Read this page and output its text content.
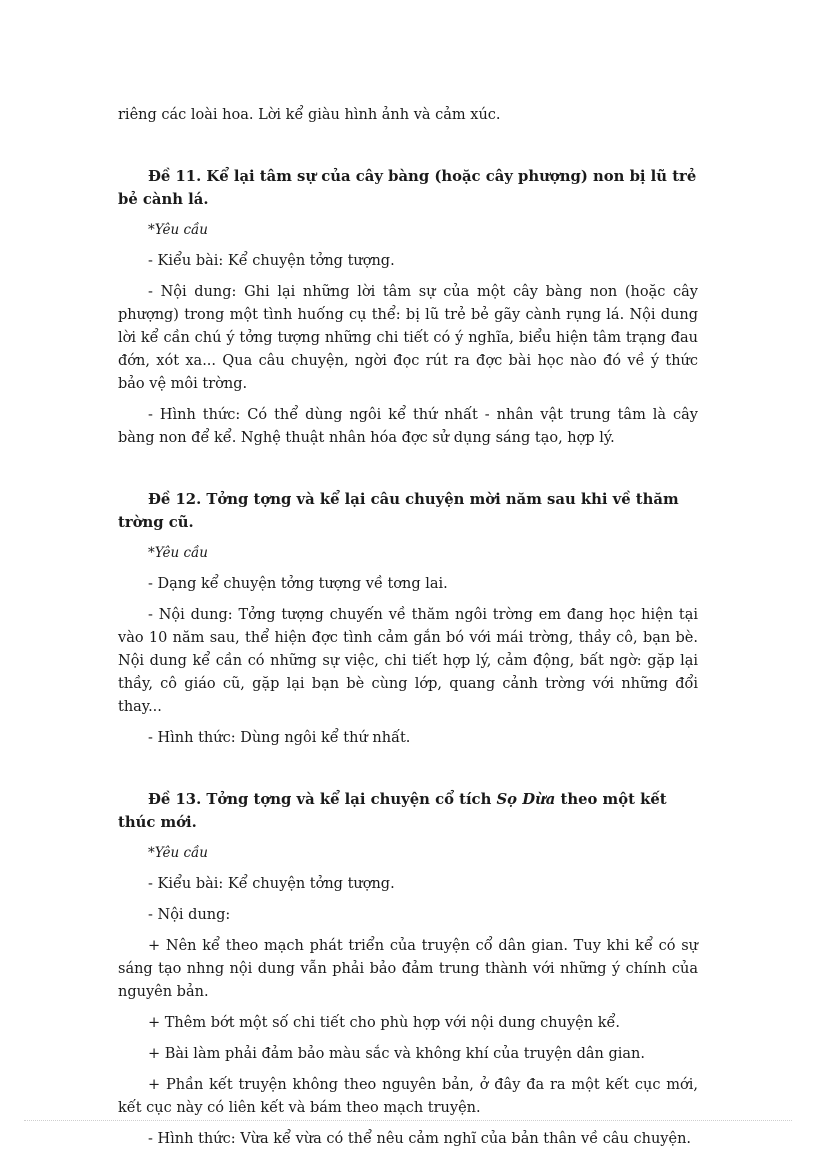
riêng các loài hoa. Lời kể giàu hình ảnh và cảm xúc.

Đề 11. Kể lại tâm sự của cây bàng (hoặc cây phượng) non bị lũ trẻ bẻ cành lá.

*Yêu cầu

- Kiểu bài: Kể chuyện tởng tượng.

- Nội dung: Ghi lại những lời tâm sự của một cây bàng non (hoặc cây phượng) trong một tình huống cụ thể: bị lũ trẻ bẻ gãy cành rụng lá. Nội dung lời kể cần chú ý tởng tượng những chi tiết có ý nghĩa, biểu hiện tâm trạng đau đớn, xót xa... Qua câu chuyện, ngời đọc rút ra đợc bài học nào đó về ý thức bảo vệ môi trờng.

- Hình thức: Có thể dùng ngôi kể thứ nhất - nhân vật trung tâm là cây bàng non để kể. Nghệ thuật nhân hóa đợc sử dụng sáng tạo, hợp lý.

Đề 12. Tởng tợng và kể lại câu chuyện mời năm sau khi về thăm trờng cũ.

*Yêu cầu

- Dạng kể chuyện tởng tượng về tơng lai.

- Nội dung: Tởng tượng chuyến về thăm ngôi trờng em đang học hiện tại vào 10 năm sau, thể hiện đợc tình cảm gắn bó với mái trờng, thầy cô, bạn bè. Nội dung kể cần có những sự việc, chi tiết hợp lý, cảm động, bất ngờ: gặp lại thầy, cô giáo cũ, gặp lại bạn bè cùng lớp, quang cảnh trờng với những đổi thay...

- Hình thức: Dùng ngôi kể thứ nhất.

Đề 13. Tởng tợng và kể lại chuyện cổ tích Sọ Dừa theo một kết thúc mới.

*Yêu cầu

- Kiểu bài: Kể chuyện tởng tượng.

- Nội dung:

+ Nên kể theo mạch phát triển của truyện cổ dân gian. Tuy khi kể có sự sáng tạo nhng nội dung vẫn phải bảo đảm trung thành với những ý chính của nguyên bản.

+ Thêm bớt một số chi tiết cho phù hợp với nội dung chuyện kể.

+ Bài làm phải đảm bảo màu sắc và không khí của truyện dân gian.

+ Phần kết truyện không theo nguyên bản, ở đây đa ra một kết cục mới, kết cục này có liên kết và bám theo mạch truyện.

- Hình thức: Vừa kể vừa có thể nêu cảm nghĩ của bản thân về câu chuyện.
